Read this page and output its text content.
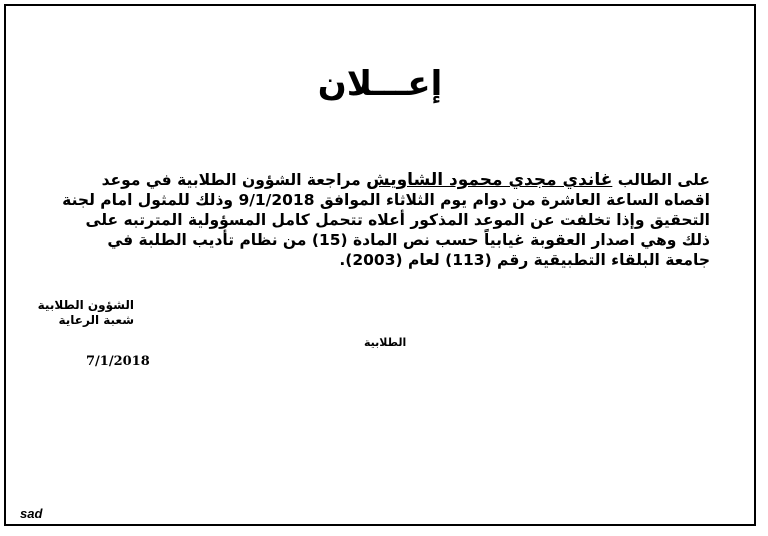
إعـــلان
على الطالب غاندي مجدي محمود الشاويش مراجعة الشؤون الطلابية في موعد اقصاه الساعة العاشرة من دوام يوم الثلاثاء الموافق 9/1/2018 وذلك للمثول امام لجنة التحقيق وإذا تخلفت عن الموعد المذكور أعلاه تتحمل كامل المسؤولية المترتبه على ذلك وهي اصدار العقوبة غيابياً حسب نص المادة (15) من نظام تأديب الطلبة في جامعة البلقاء التطبيقية رقم (113) لعام (2003).
الشؤون الطلابية
شعبة الرعاية
الطلابية
7/1/2018
sad
